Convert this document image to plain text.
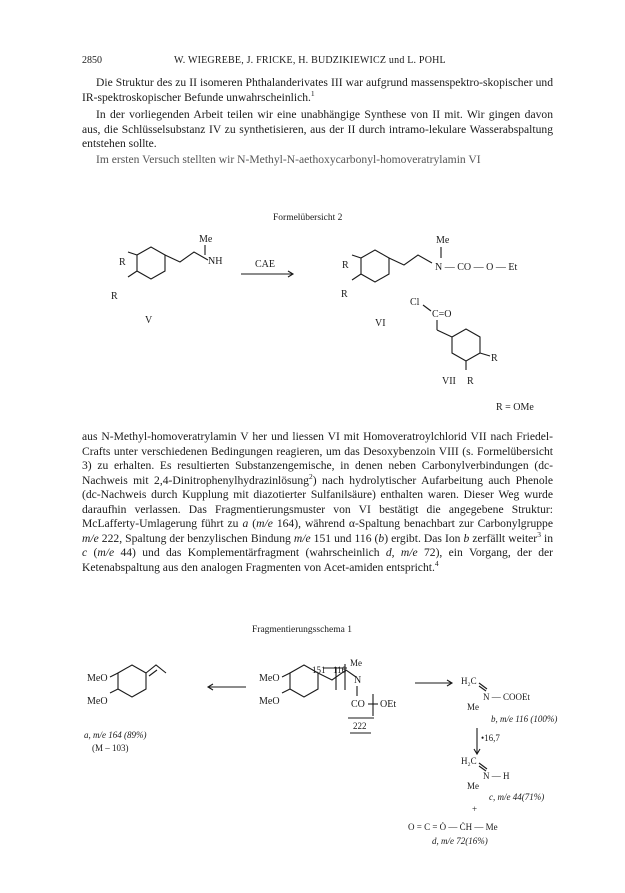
2850	W. WIEGREBE, J. FRICKE, H. BUDZIKIEWICZ und L. POHL

Die Struktur des zu II isomeren Phthalanderivates III war aufgrund massenspektro-skopischer und IR-spektroskopischer Befunde unwahrscheinlich.$^1$

In der vorliegenden Arbeit teilen wir eine unabhängige Synthese von II mit. Wir gingen davon aus, die Schlüsselsubstanz IV zu synthetisieren, aus der II durch intramo-lekulare Wasserabspaltung entstehen sollte.

Im ersten Versuch stellten wir N-Methyl-N-aethoxycarbonyl-homoveratrylamin VI

Formelübersicht 2
Me
NH
R
R
V
CAE
Me
N — CO — O — Et
R
R
VI
Cl
C=O
R
R
VII
R = OMe
MeO
MeO
a, m/e 164 (89%)
(M – 103)
MeO
MeO
151 116
Me
N
CO OEt
222
H₂C
N — COOEt
Me
b, m/e 116 (100%)
•16,7
H₂C
N — H
Me
c, m/e 44(71%)
+
O = C = Ȯ — ĊH — Me
d, m/e 72(16%)

aus N-Methyl-homoveratrylamin V her und liessen VI mit Homoveratroylchlorid VII nach Friedel-Crafts unter verschiedenen Bedingungen reagieren, um das Desoxybenzoin VIII (s. Formelübersicht 3) zu erhalten. Es resultierten Substanzengemische, in denen neben Carbonylverbindungen (dc-Nachweis mit 2,4-Dinitrophenylhydrazinlösung$^2$) nach hydrolytischer Aufarbeitung auch Phenole (dc-Nachweis durch Kupplung mit diazotierter Sulfanilsäure) enthalten waren. Dieser Weg wurde daraufhin verlassen. Das Fragmentierungsmuster von VI bestätigt die angegebene Struktur: McLafferty-Umlagerung führt zu a (m/e 164), während α-Spaltung benachbart zur Carbonylgruppe m/e 222, Spaltung der benzylischen Bindung m/e 151 und 116 (b) ergibt. Das Ion b zerfällt weiter$^3$ in c (m/e 44) und das Komplementärfragment (wahrscheinlich d, m/e 72), ein Vorgang, der der Ketenabspaltung aus den analogen Fragmenten von Acet-amiden entspricht.$^4$

Fragmentierungsschema 1
